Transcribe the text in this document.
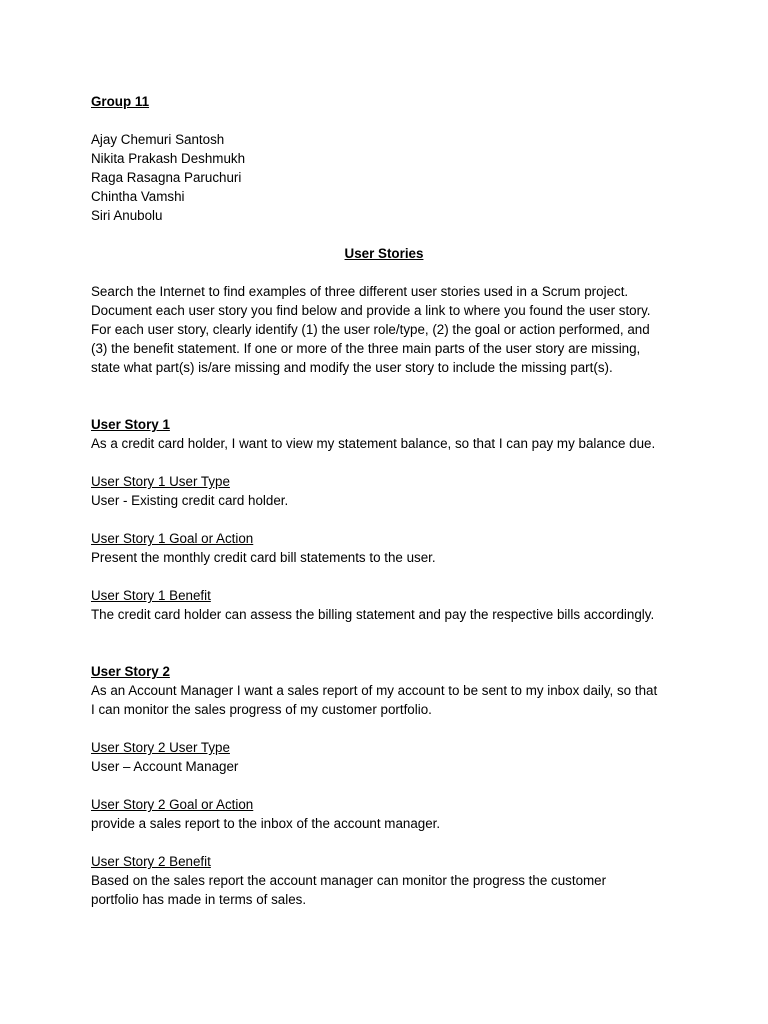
Group 11
Ajay Chemuri Santosh
Nikita Prakash Deshmukh
Raga Rasagna Paruchuri
Chintha Vamshi
Siri Anubolu
User Stories
Search the Internet to find examples of three different user stories used in a Scrum project.
Document each user story you find below and provide a link to where you found the user story.
For each user story, clearly identify (1) the user role/type, (2) the goal or action performed, and
(3) the benefit statement. If one or more of the three main parts of the user story are missing,
state what part(s) is/are missing and modify the user story to include the missing part(s).
User Story 1
As a credit card holder, I want to view my statement balance, so that I can pay my balance due.
User Story 1 User Type
User - Existing credit card holder.
User Story 1 Goal or Action
Present the monthly credit card bill statements to the user.
User Story 1 Benefit
The credit card holder can assess the billing statement and pay the respective bills accordingly.
User Story 2
As an Account Manager I want a sales report of my account to be sent to my inbox daily, so that
I can monitor the sales progress of my customer portfolio.
User Story 2 User Type
User – Account Manager
User Story 2 Goal or Action
provide a sales report to the inbox of the account manager.
User Story 2 Benefit
Based on the sales report the account manager can monitor the progress the customer
portfolio has made in terms of sales.
